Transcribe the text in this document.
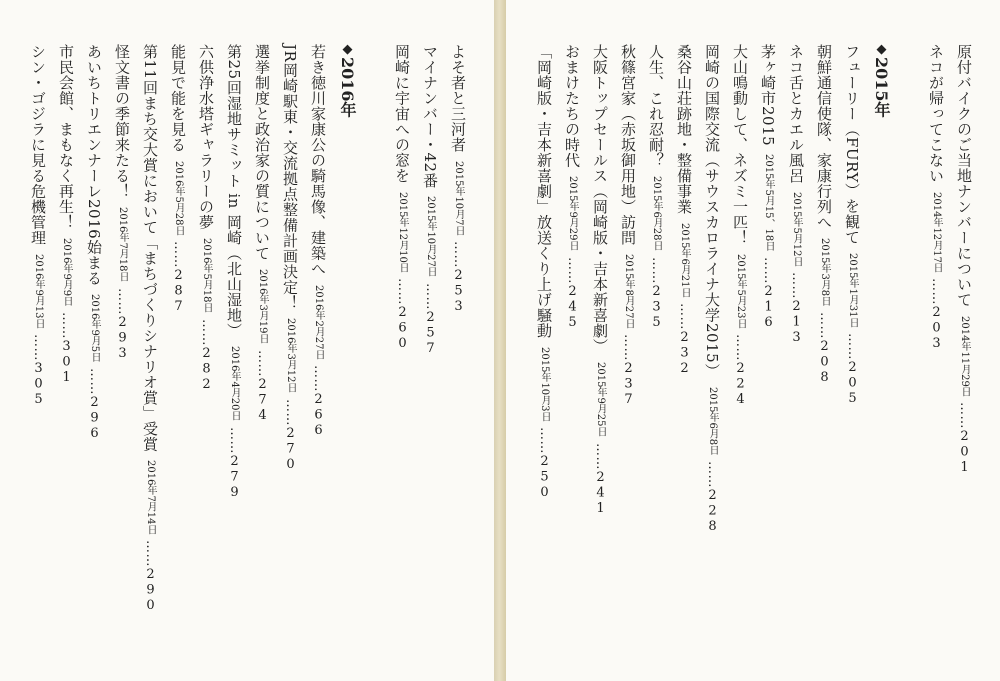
原付バイクのご当地ナンバーについて2014年11月29日……201
ネコが帰ってこない2014年12月17日……203
◆2015年
フューリー（FURY）を観て2015年1月31日……205
朝鮮通信使隊、家康行列へ2015年3月8日……208
ネコ舌とカエル風呂2015年5月12日……213
茅ヶ崎市20152015年5月15、18日……216
大山鳴動して、ネズミ一匹！2015年5月23日……224
岡崎の国際交流（サウスカロライナ大学2015）2015年6月8日……228
桑谷山荘跡地・整備事業2015年6月21日……232
人生、これ忍耐？2015年6月28日……235
秋篠宮家（赤坂御用地）訪問2015年8月27日……237
大阪トップセールス（岡崎版・吉本新喜劇）2015年9月25日……241
おまけたちの時代2015年9月29日……245
「岡崎版・吉本新喜劇」放送くり上げ騒動2015年10月3日……250
よそ者と三河者2015年10月7日……253
マイナンバー・42番2015年10月27日……257
岡崎に宇宙への窓を2015年12月10日……260
◆2016年
若き徳川家康公の騎馬像、建築へ2016年2月27日……266
JR岡崎駅東・交流拠点整備計画決定！2016年3月12日……270
選挙制度と政治家の質について2016年3月19日……274
第25回湿地サミット in 岡崎（北山湿地）2016年4月20日……279
六供浄水塔ギャラリーの夢2016年5月18日……282
能見で能を見る2016年5月28日……287
第11回まち交大賞において「まちづくりシナリオ賞」受賞2016年7月14日……290
怪文書の季節来たる！2016年7月18日……293
あいちトリエンナーレ2016始まる2016年9月5日……296
市民会館、まもなく再生！2016年9月9日……301
シン・ゴジラに見る危機管理2016年9月13日……305
